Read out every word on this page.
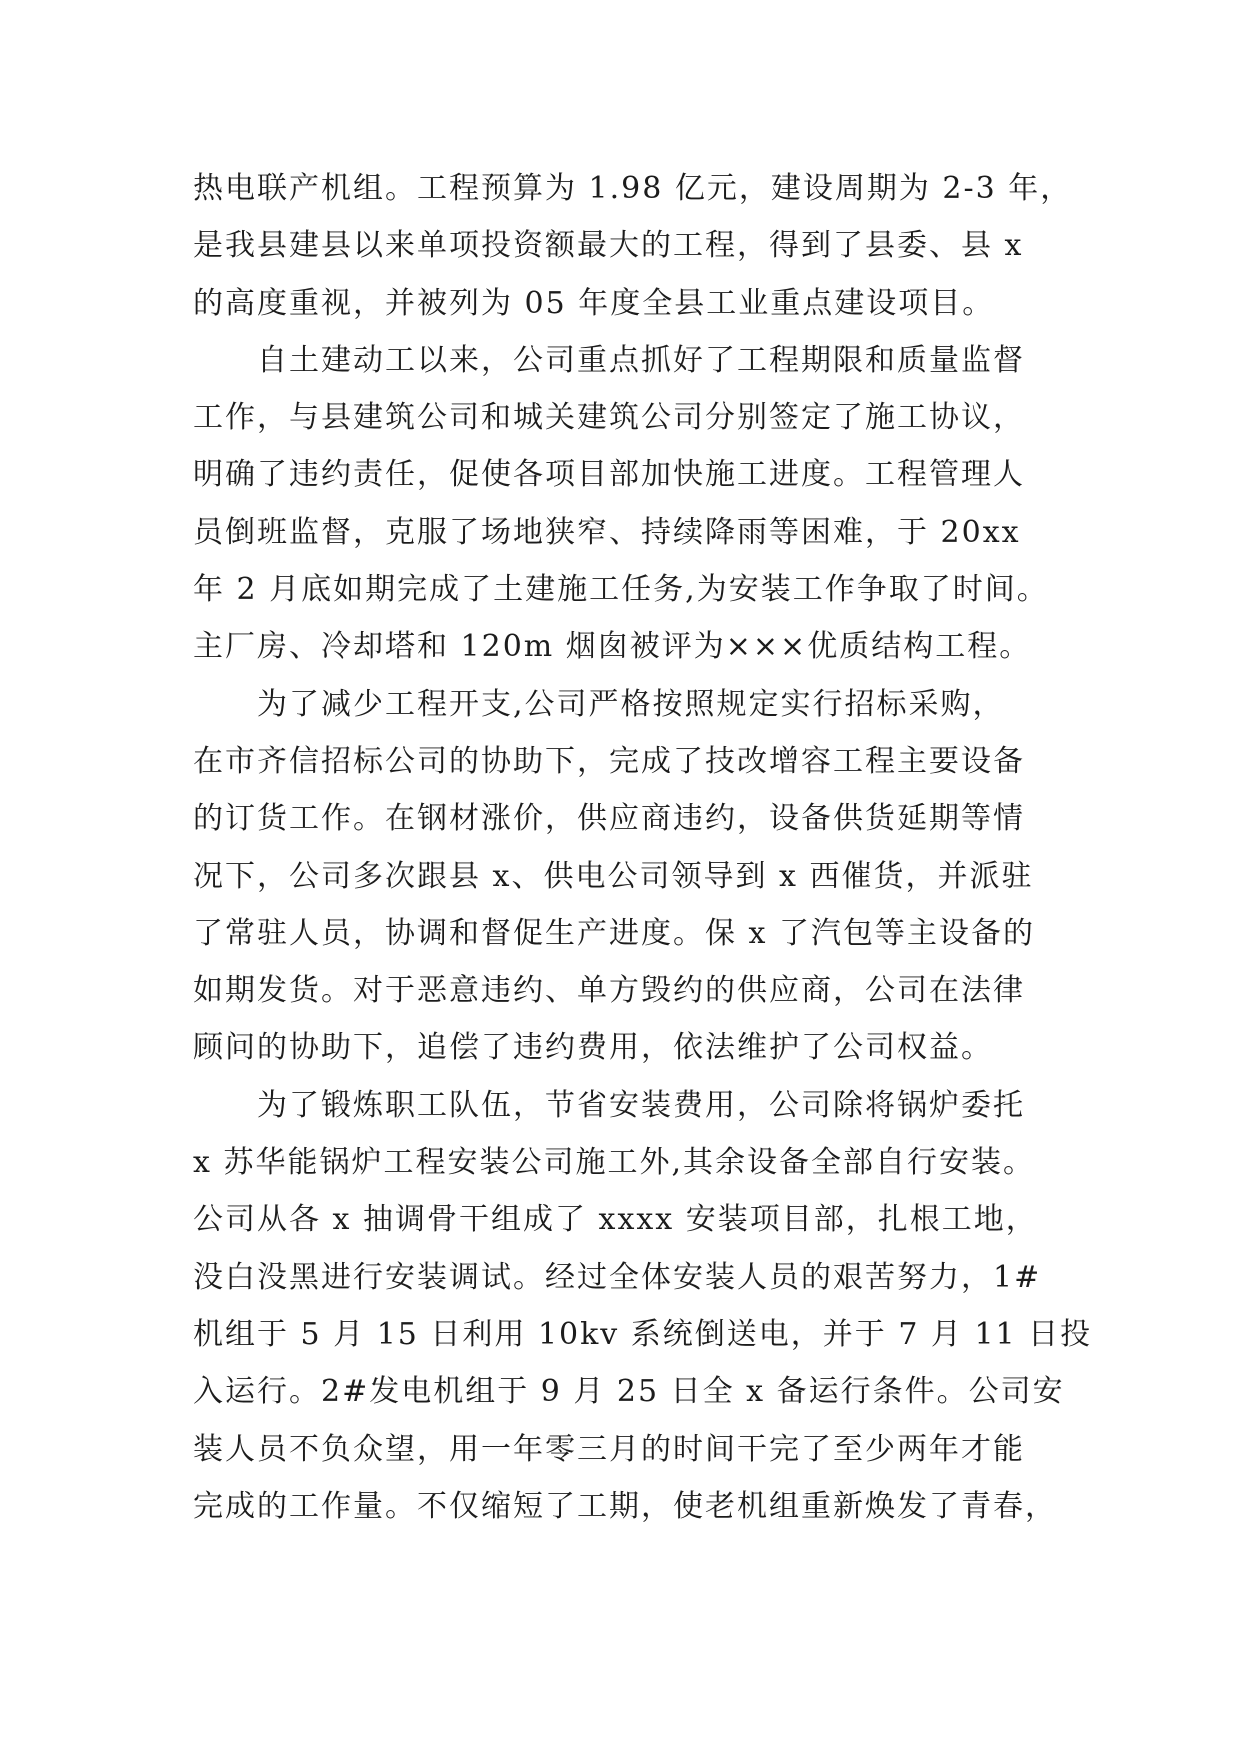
热电联产机组。工程预算为 1.98 亿元，建设周期为 2-3 年，
是我县建县以来单项投资额最大的工程，得到了县委、县 x
的高度重视，并被列为 05 年度全县工业重点建设项目。
　　自土建动工以来，公司重点抓好了工程期限和质量监督
工作，与县建筑公司和城关建筑公司分别签定了施工协议，
明确了违约责任，促使各项目部加快施工进度。工程管理人
员倒班监督，克服了场地狭窄、持续降雨等困难，于 20xx
年 2 月底如期完成了土建施工任务,为安装工作争取了时间。
主厂房、冷却塔和 120m 烟囱被评为×××优质结构工程。
　　为了减少工程开支,公司严格按照规定实行招标采购，
在市齐信招标公司的协助下，完成了技改增容工程主要设备
的订货工作。在钢材涨价，供应商违约，设备供货延期等情
况下，公司多次跟县 x、供电公司领导到 x 西催货，并派驻
了常驻人员，协调和督促生产进度。保 x 了汽包等主设备的
如期发货。对于恶意违约、单方毁约的供应商，公司在法律
顾问的协助下，追偿了违约费用，依法维护了公司权益。
　　为了锻炼职工队伍，节省安装费用，公司除将锅炉委托
x 苏华能锅炉工程安装公司施工外,其余设备全部自行安装。
公司从各 x 抽调骨干组成了 xxxx 安装项目部，扎根工地，
没白没黑进行安装调试。经过全体安装人员的艰苦努力，1#
机组于 5 月 15 日利用 10kv 系统倒送电，并于 7 月 11 日投
入运行。2#发电机组于 9 月 25 日全 x 备运行条件。公司安
装人员不负众望，用一年零三月的时间干完了至少两年才能
完成的工作量。不仅缩短了工期，使老机组重新焕发了青春，
